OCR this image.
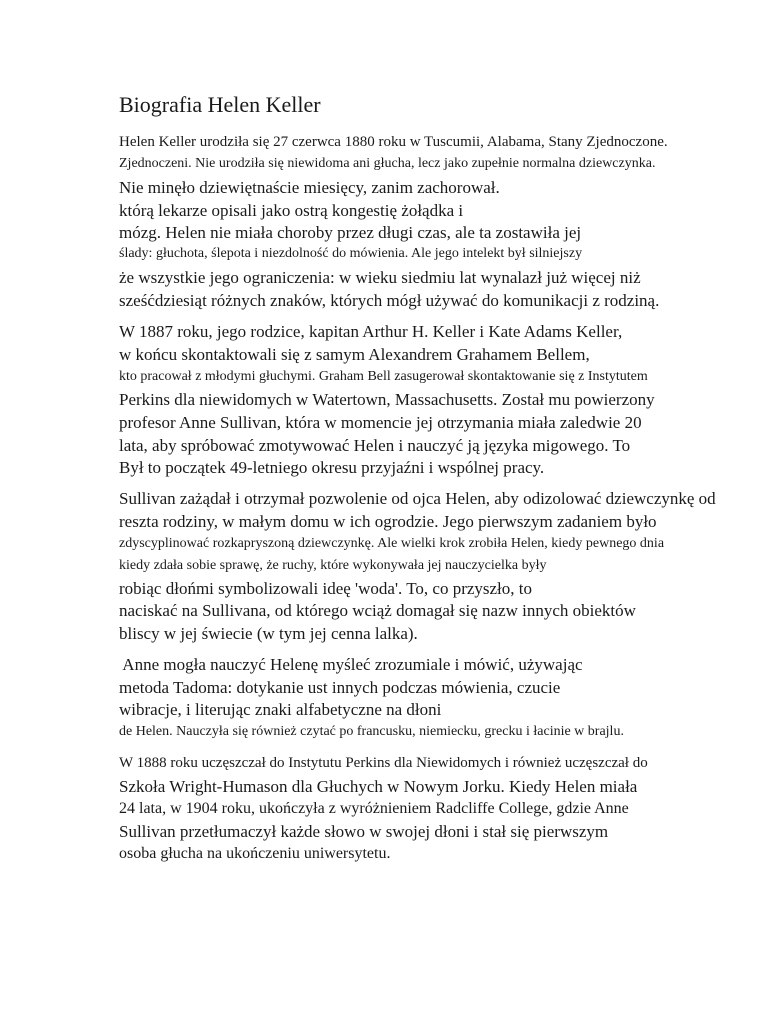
Biografia Helen Keller

Helen Keller urodziła się 27 czerwca 1880 roku w Tuscumii, Alabama, Stany Zjednoczone.

Zjednoczeni. Nie urodziła się niewidoma ani głucha, lecz jako zupełnie normalna dziewczynka.

Nie minęło dziewiętnaście miesięcy, zanim zachorował.

którą lekarze opisali jako ostrą kongestię żołądka i

mózg. Helen nie miała choroby przez długi czas, ale ta zostawiła jej

ślady: głuchota, ślepota i niezdolność do mówienia. Ale jego intelekt był silniejszy

że wszystkie jego ograniczenia: w wieku siedmiu lat wynalazł już więcej niż

sześćdziesiąt różnych znaków, których mógł używać do komunikacji z rodziną.

W 1887 roku, jego rodzice, kapitan Arthur H. Keller i Kate Adams Keller,

w końcu skontaktowali się z samym Alexandrem Grahamem Bellem,

kto pracował z młodymi głuchymi. Graham Bell zasugerował skontaktowanie się z Instytutem

Perkins dla niewidomych w Watertown, Massachusetts. Został mu powierzony

profesor Anne Sullivan, która w momencie jej otrzymania miała zaledwie 20

lata, aby spróbować zmotywować Helen i nauczyć ją języka migowego. To

Był to początek 49-letniego okresu przyjaźni i wspólnej pracy.

Sullivan zażądał i otrzymał pozwolenie od ojca Helen, aby odizolować dziewczynkę od

reszta rodziny, w małym domu w ich ogrodzie. Jego pierwszym zadaniem było

zdyscyplinować rozkapryszoną dziewczynkę. Ale wielki krok zrobiła Helen, kiedy pewnego dnia

kiedy zdała sobie sprawę, że ruchy, które wykonywała jej nauczycielka były

robiąc dłońmi symbolizowali ideę 'woda'. To, co przyszło, to

naciskać na Sullivana, od którego wciąż domagał się nazw innych obiektów

bliscy w jej świecie (w tym jej cenna lalka).

Anne mogła nauczyć Helenę myśleć zrozumiale i mówić, używając

metoda Tadoma: dotykanie ust innych podczas mówienia, czucie

wibracje, i literując znaki alfabetyczne na dłoni

de Helen. Nauczyła się również czytać po francusku, niemiecku, grecku i łacinie w brajlu.

W 1888 roku uczęszczał do Instytutu Perkins dla Niewidomych i również uczęszczał do

Szkoła Wright-Humason dla Głuchych w Nowym Jorku. Kiedy Helen miała

24 lata, w 1904 roku, ukończyła z wyróżnieniem Radcliffe College, gdzie Anne

Sullivan przetłumaczył każde słowo w swojej dłoni i stał się pierwszym

osoba głucha na ukończeniu uniwersytetu.
